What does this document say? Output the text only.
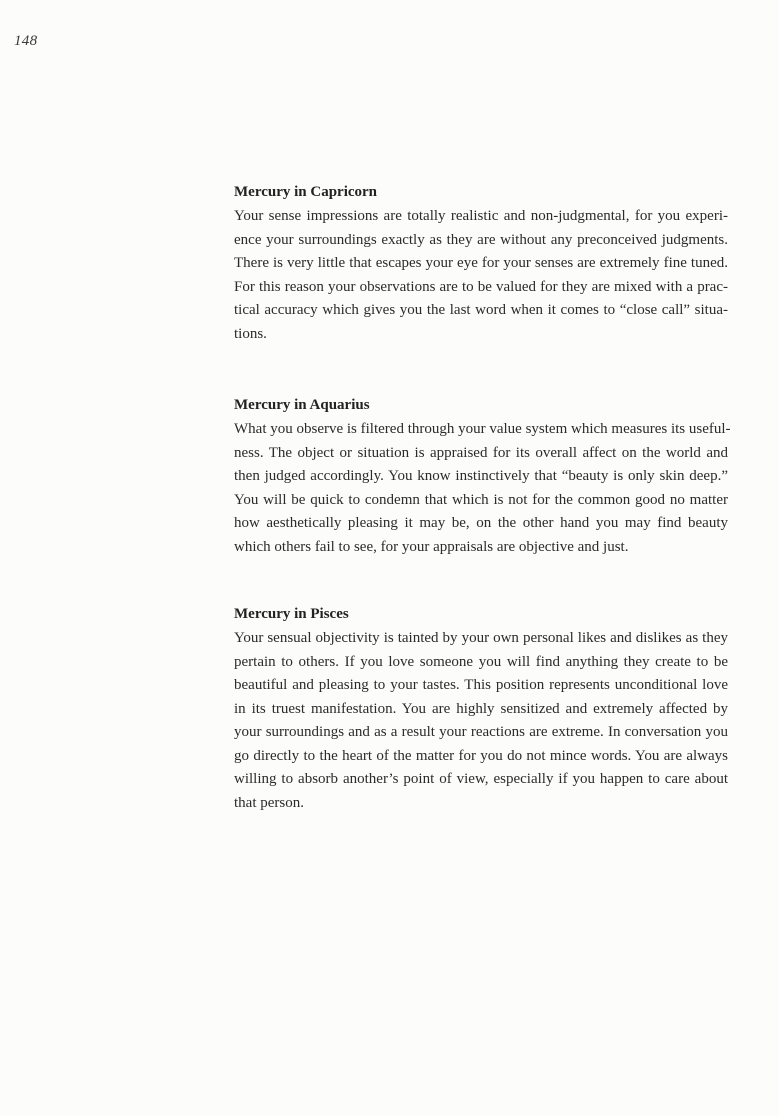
148
Mercury in Capricorn
Your sense impressions are totally realistic and non-judgmental, for you experi-
ence your surroundings exactly as they are without any preconceived judgments.
There is very little that escapes your eye for your senses are extremely fine tuned.
For this reason your observations are to be valued for they are mixed with a prac-
tical accuracy which gives you the last word when it comes to “close call” situa-
tions.
Mercury in Aquarius
What you observe is filtered through your value system which measures its useful-
ness. The object or situation is appraised for its overall affect on the world and
then judged accordingly. You know instinctively that “beauty is only skin deep.”
You will be quick to condemn that which is not for the common good no matter
how aesthetically pleasing it may be, on the other hand you may find beauty
which others fail to see, for your appraisals are objective and just.
Mercury in Pisces
Your sensual objectivity is tainted by your own personal likes and dislikes as they
pertain to others. If you love someone you will find anything they create to be
beautiful and pleasing to your tastes. This position represents unconditional love
in its truest manifestation. You are highly sensitized and extremely affected by
your surroundings and as a result your reactions are extreme. In conversation you
go directly to the heart of the matter for you do not mince words. You are always
willing to absorb another’s point of view, especially if you happen to care about
that person.
